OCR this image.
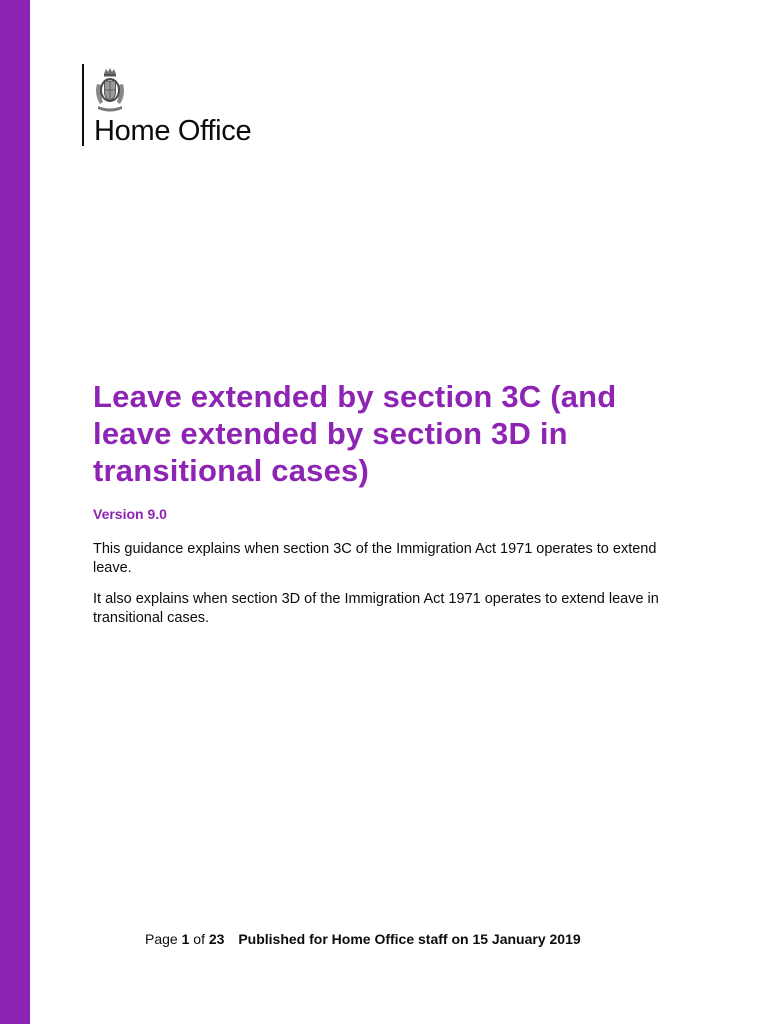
Home Office
Leave extended by section 3C (and leave extended by section 3D in transitional cases)

Version 9.0

This guidance explains when section 3C of the Immigration Act 1971 operates to extend leave.

It also explains when section 3D of the Immigration Act 1971 operates to extend leave in transitional cases.

Page 1 of 23 Published for Home Office staff on 15 January 2019
